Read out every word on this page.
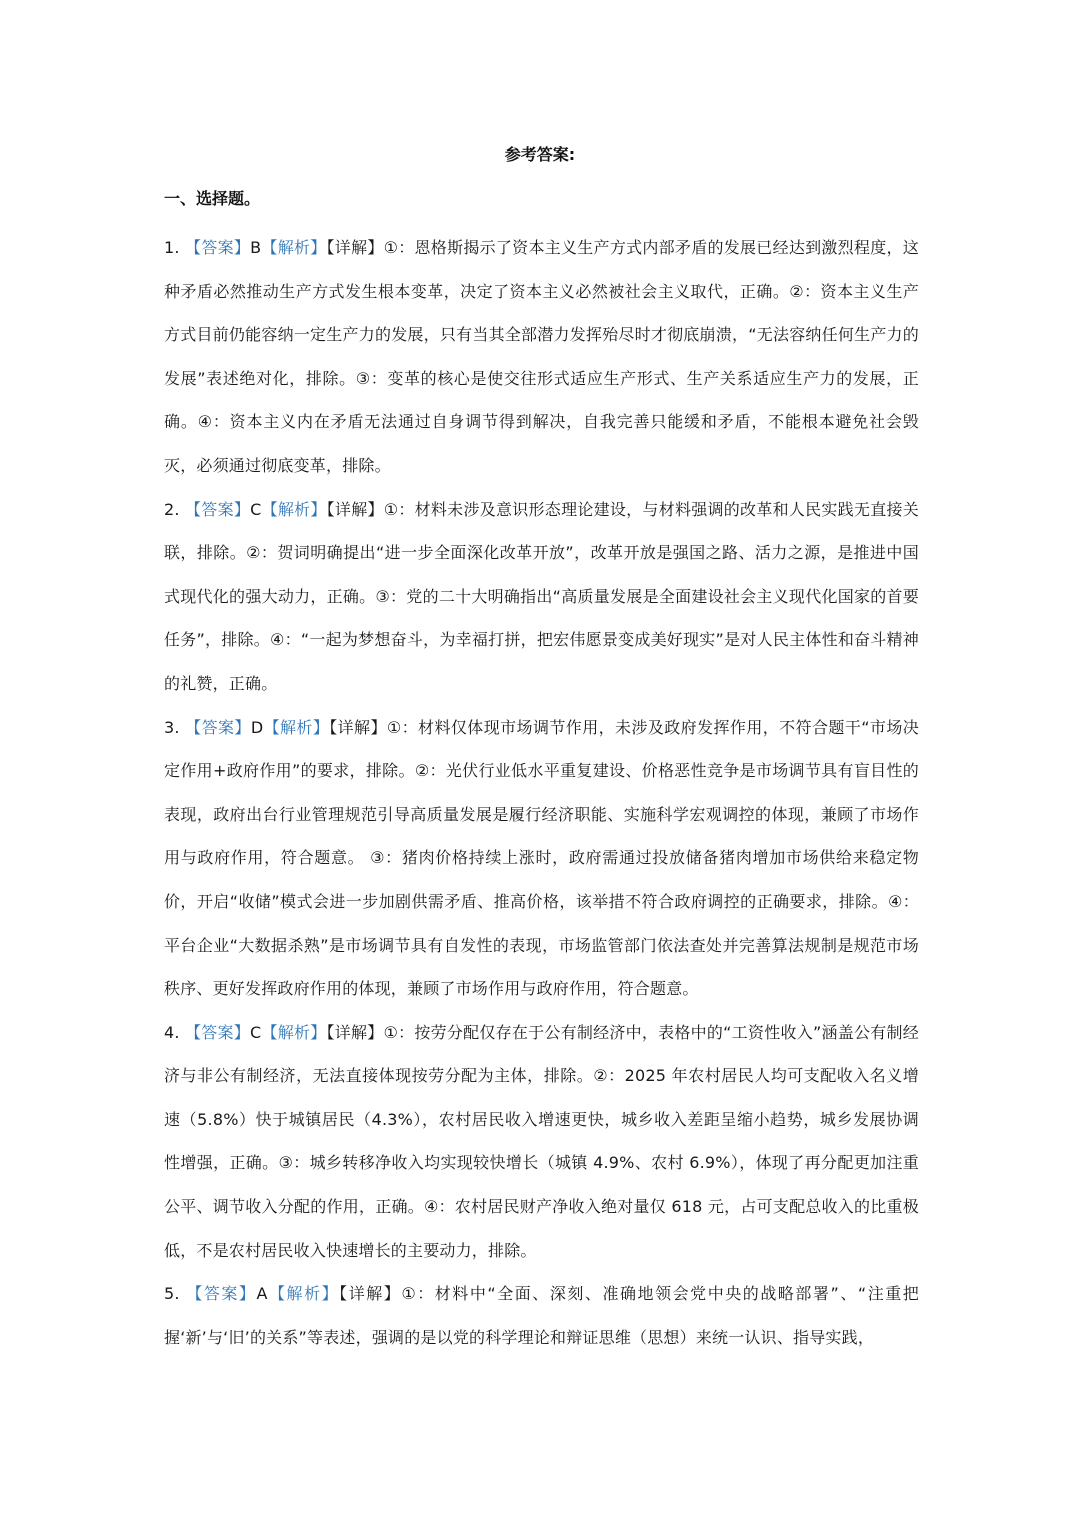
参考答案:
一、选择题。

1. 【答案】B【解析】【详解】①：恩格斯揭示了资本主义生产方式内部矛盾的发展已经达到激烈程度，这种矛盾必然推动生产方式发生根本变革，决定了资本主义必然被社会主义取代，正确。②：资本主义生产方式目前仍能容纳一定生产力的发展，只有当其全部潜力发挥殆尽时才彻底崩溃，“无法容纳任何生产力的发展”表述绝对化，排除。③：变革的核心是使交往形式适应生产形式、生产关系适应生产力的发展，正确。④：资本主义内在矛盾无法通过自身调节得到解决，自我完善只能缓和矛盾，不能根本避免社会毁灭，必须通过彻底变革，排除。

2. 【答案】C【解析】【详解】①：材料未涉及意识形态理论建设，与材料强调的改革和人民实践无直接关联，排除。②：贺词明确提出“进一步全面深化改革开放”，改革开放是强国之路、活力之源，是推进中国式现代化的强大动力，正确。③：党的二十大明确指出“高质量发展是全面建设社会主义现代化国家的首要任务”，排除。④：“一起为梦想奋斗，为幸福打拼，把宏伟愿景变成美好现实”是对人民主体性和奋斗精神的礼赞，正确。

3. 【答案】D【解析】【详解】①：材料仅体现市场调节作用，未涉及政府发挥作用，不符合题干“市场决定作用+政府作用”的要求，排除。②：光伏行业低水平重复建设、价格恶性竞争是市场调节具有盲目性的表现，政府出台行业管理规范引导高质量发展是履行经济职能、实施科学宏观调控的体现，兼顾了市场作用与政府作用，符合题意。 ③：猪肉价格持续上涨时，政府需通过投放储备猪肉增加市场供给来稳定物价，开启“收储”模式会进一步加剧供需矛盾、推高价格，该举措不符合政府调控的正确要求，排除。④：平台企业“大数据杀熟”是市场调节具有自发性的表现，市场监管部门依法查处并完善算法规制是规范市场秩序、更好发挥政府作用的体现，兼顾了市场作用与政府作用，符合题意。

4. 【答案】C【解析】【详解】①：按劳分配仅存在于公有制经济中，表格中的“工资性收入”涵盖公有制经济与非公有制经济，无法直接体现按劳分配为主体，排除。②：2025 年农村居民人均可支配收入名义增速（5.8%）快于城镇居民（4.3%），农村居民收入增速更快，城乡收入差距呈缩小趋势，城乡发展协调性增强，正确。③：城乡转移净收入均实现较快增长（城镇 4.9%、农村 6.9%），体现了再分配更加注重公平、调节收入分配的作用，正确。④：农村居民财产净收入绝对量仅 618 元，占可支配总收入的比重极低，不是农村居民收入快速增长的主要动力，排除。

5. 【答案】A【解析】【详解】①：材料中“全面、深刻、准确地领会党中央的战略部署”、“注重把握‘新’与‘旧’的关系”等表述，强调的是以党的科学理论和辩证思维（思想）来统一认识、指导实践，
